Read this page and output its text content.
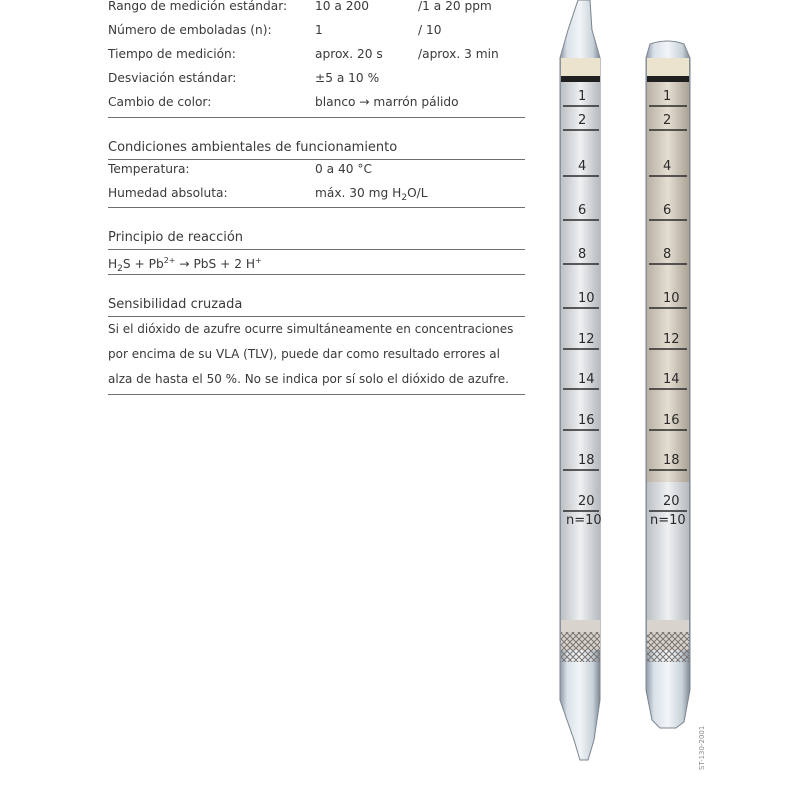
Rango de medición estándar: 10 a 200	/1 a 20 ppm
Número de emboladas (n):	1	/ 10
Tiempo de medición:	aprox. 20 s	/aprox. 3 min
Desviación estándar:	±5 a 10 %
Cambio de color:	blanco → marrón pálido
Condiciones ambientales de funcionamiento
Temperatura:	0 a 40 °C
Humedad absoluta:	máx. 30 mg $H_2O/L$
Principio de reacción
$H_2S + Pb^{2+}$ → PbS + 2 H+
Sensibilidad cruzada
Si el dióxido de azufre ocurre simultáneamente en concentraciones
por encima de su VLA (TLV), puede dar como resultado errores al
alza de hasta el 50 %. No se indica por sí solo el dióxido de azufre.
1
2
4
6
8
10
12
14
16
18
20
n=10
1
2
4
6
8
10
12
14
16
18
20
n=10
ST-130-2001
